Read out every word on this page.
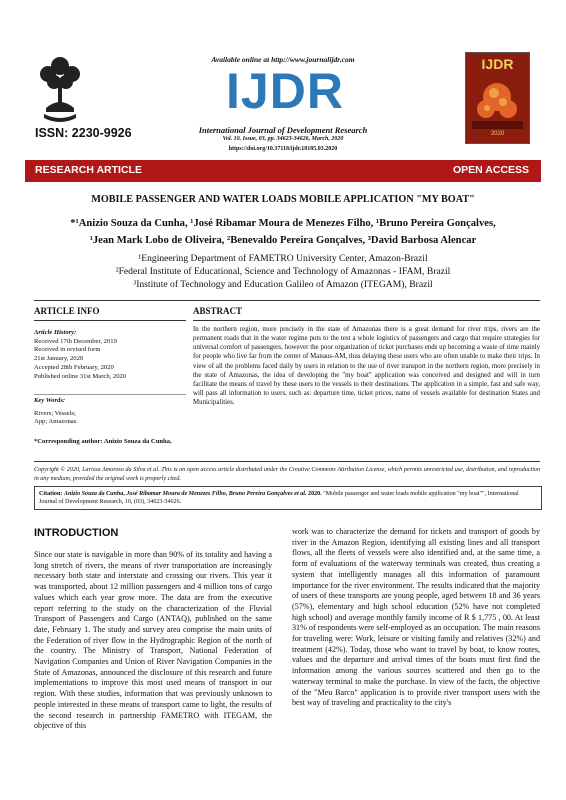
ISSN: 2230-9926
Available online at http://www.journalijdr.com
IJDR
International Journal of Development Research
Vol. 10, Issue, 03, pp. 34623-34626, March, 2020
https://doi.org/10.37118/ijdr.18185.03.2020
IJDR
2020
RESEARCH ARTICLE	OPEN ACCESS
MOBILE PASSENGER AND WATER LOADS MOBILE APPLICATION "MY BOAT"
*¹Anizio Souza da Cunha, ¹José Ribamar Moura de Menezes Filho, ¹Bruno Pereira Gonçalves,
¹Jean Mark Lobo de Oliveira, ²Benevaldo Pereira Gonçalves, ³David Barbosa Alencar
¹Engineering Department of FAMETRO University Center, Amazon-Brazil
²Federal Institute of Educational, Science and Technology of Amazonas - IFAM, Brazil
³Institute of Technology and Education Galileo of Amazon (ITEGAM), Brazil
ARTICLE INFO	ABSTRACT
Article History:
Received 17th December, 2019
Received in revised form
21st January, 2020
Accepted 28th February, 2020
Published online 31st March, 2020
Key Words:
Rivers; Vessels;
App; Amazonas.
*Corresponding author: Anizio Souza da Cunha,
In the northern region, more precisely in the state of Amazonas there is a great demand for river trips, rivers are the permanent roads that in the water regime puts to the test a whole logistics of passengers and cargo that require strategies for universal comfort of passengers, however the poor organization of ticket purchases ends up becoming a waste of time mainly for people who live far from the center of Manaus-AM, thus delaying these users who are often unable to make their trips. In view of all the problems faced daily by users in relation to the use of river transport in the northern region, more precisely in the state of Amazonas, the idea of developing the "my boat" application was conceived and designed and will in turn facilitate the means of travel by these users to the vessels to their destinations. The application in a simple, fast and safe way, will pass all information to users, such as: departure time, ticket prices, name of vessels available for destination States and Municipalities.
Copyright © 2020, Larissa Amoroso da Silva et al. This is an open access article distributed under the Creative Commons Attribution License, which permits unrestricted use, distribution, and reproduction in any medium, provided the original work is properly cited.
Citation: Anizio Souza da Cunha, José Ribamar Moura de Menezes Filho, Bruno Pereira Gonçalves et al. 2020. "Mobile passenger and water loads mobile application "my boat"", International Journal of Development Research, 10, (03), 34623-34626.
INTRODUCTION
Since our state is navigable in more than 90% of its totality and having a long stretch of rivers, the means of river transportation are increasingly necessary both state and interstate and crossing our rivers. This year it was transported, about 12 million passengers and 4 million tons of cargo values which each year grow more. The data are from the executive report referring to the study on the characterization of the Fluvial Transport of Passengers and Cargo (ANTAQ), published on the same date, February 1. The study and survey area comprise the main units of the Federation of river flow in the Hydrographic Region of the north of the country. The Ministry of Transport, National Federation of Navigation Companies and Union of River Navigation Companies in the State of Amazonas, announced the disclosure of this research and future implementations to improve this most used means of transport in our region. With these studies, information that was previously unknown to people interested in these means of transport came to light, the results of the second research in partnership FAMETRO with ITEGAM, the objective of this
work was to characterize the demand for tickets and transport of goods by river in the Amazon Region, identifying all existing lines and all transport flows, all the fleets of vessels were also identified and, at the same time, a form of evaluations of the waterway terminals was created, thus creating a system that intelligently manages all this information of paramount importance for the river environment. The results indicated that the majority of users of these transports are young people, aged between 18 and 36 years (57%), elementary and high school education (52% have not completed high school) and average monthly family income of R $ 1,775 , 00. At least 31% of respondents were self-employed as an occupation. The main reasons for traveling were: Work, leisure or visiting family and relatives (32%) and treatment (42%). Today, those who want to travel by boat, to know routes, values and the departure and arrival times of the boats must first find the information among the various sources scattered and then go to the waterway terminal to make the purchase. In view of the facts, the objective of the "Meu Barco" application is to provide river transport users with the best way of traveling and practicality to the city's
